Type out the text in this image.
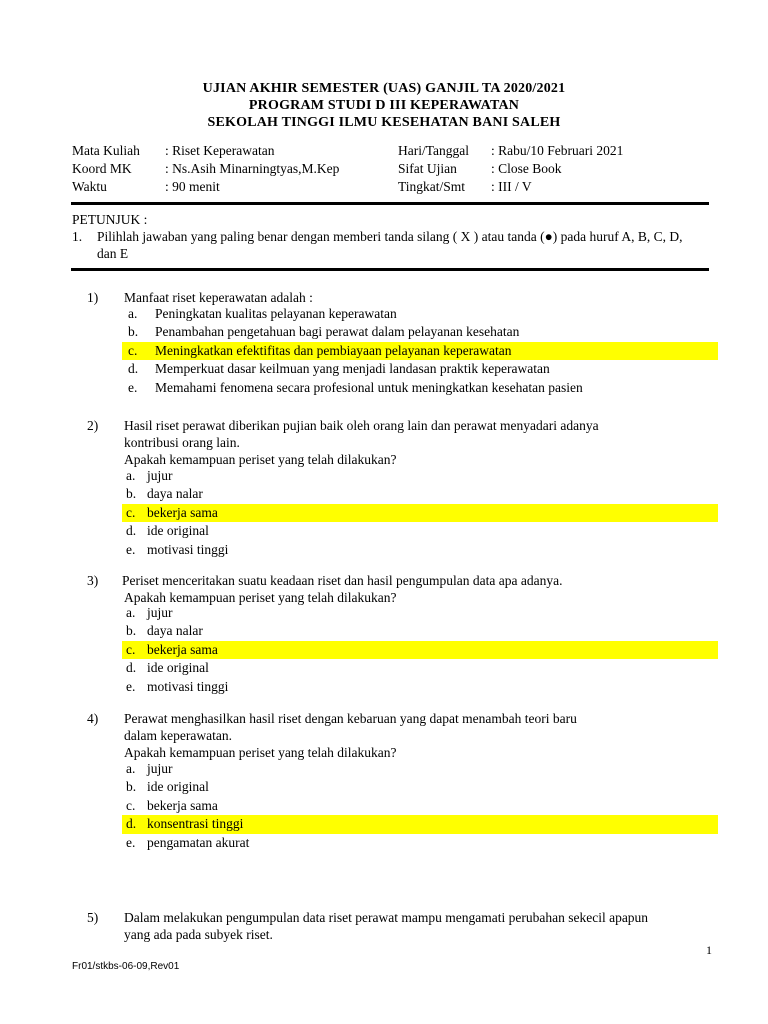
UJIAN AKHIR SEMESTER (UAS) GANJIL TA 2020/2021
PROGRAM STUDI D III KEPERAWATAN
SEKOLAH TINGGI ILMU KESEHATAN BANI SALEH
Mata Kuliah : Riset Keperawatan	Hari/Tanggal : Rabu/10 Februari 2021
Koord MK : Ns.Asih Minarningtyas,M.Kep	Sifat Ujian	: Close Book
Waktu	: 90 menit	Tingkat/Smt : III / V
PETUNJUK :
1. Pilihlah jawaban yang paling benar dengan memberi tanda silang ( X ) atau tanda (●) pada huruf A, B, C, D, dan E
1) Manfaat riset keperawatan adalah :
a. Peningkatan kualitas pelayanan keperawatan
b. Penambahan pengetahuan bagi perawat dalam pelayanan kesehatan
c. Meningkatkan efektifitas dan pembiayaan pelayanan keperawatan
d. Memperkuat dasar keilmuan yang menjadi landasan praktik keperawatan
e. Memahami fenomena secara profesional untuk meningkatkan kesehatan pasien
2) Hasil riset perawat diberikan pujian baik oleh orang lain dan perawat menyadari adanya
kontribusi orang lain.
Apakah kemampuan periset yang telah dilakukan?
a. jujur
b. daya nalar
c. bekerja sama
d. ide original
e. motivasi tinggi
3) Periset menceritakan suatu keadaan riset dan hasil pengumpulan data apa adanya.
Apakah kemampuan periset yang telah dilakukan?
a. jujur
b. daya nalar
c. bekerja sama
d. ide original
e. motivasi tinggi
4) Perawat menghasilkan hasil riset dengan kebaruan yang dapat menambah teori baru
dalam keperawatan.
Apakah kemampuan periset yang telah dilakukan?
a. jujur
b. ide original
c. bekerja sama
d. konsentrasi tinggi
e. pengamatan akurat
5) Dalam melakukan pengumpulan data riset perawat mampu mengamati perubahan sekecil apapun
yang ada pada subyek riset.
1
Fr01/stkbs-06-09,Rev01
